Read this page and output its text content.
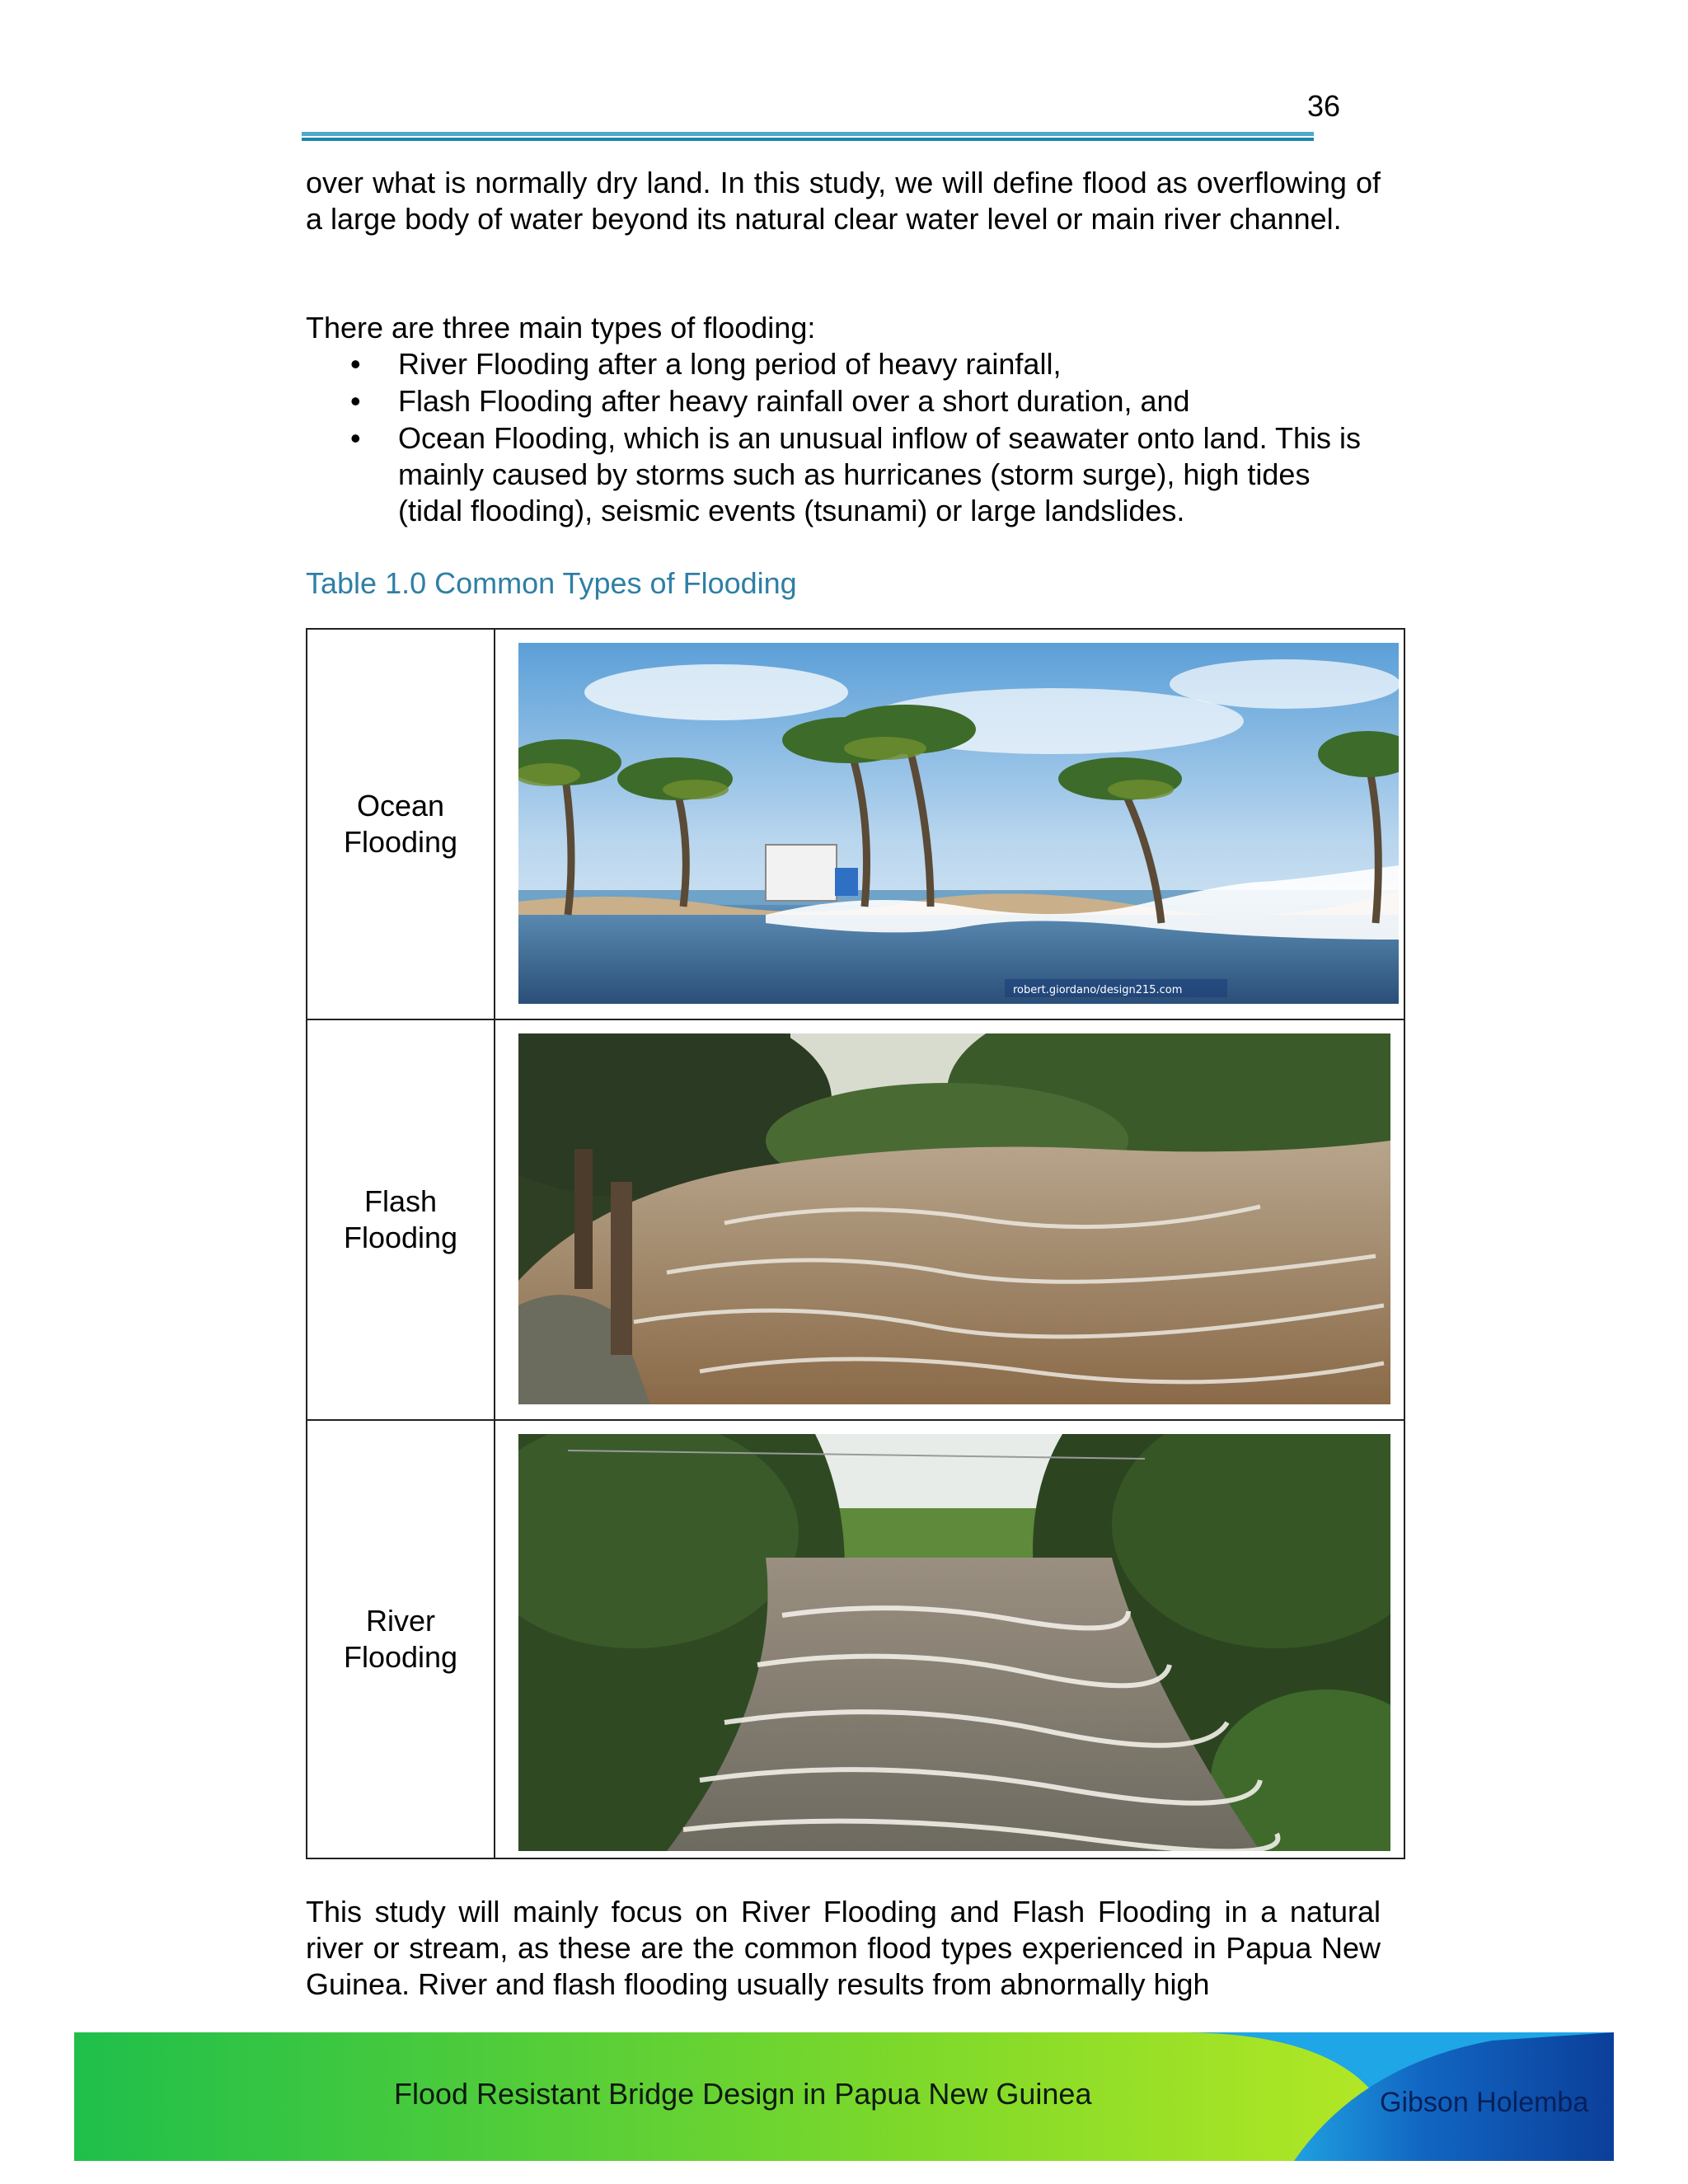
36

over what is normally dry land. In this study, we will define flood as overflowing of a large body of water beyond its natural clear water level or main river channel.

There are three main types of flooding:

• River Flooding after a long period of heavy rainfall,
• Flash Flooding after heavy rainfall over a short duration, and
• Ocean Flooding, which is an unusual inflow of seawater onto land. This is mainly caused by storms such as hurricanes (storm surge), high tides (tidal flooding), seismic events (tsunami) or large landslides.
Table 1.0 Common Types of Flooding
Ocean Flooding
robert.giordano/design215.com
Flash Flooding
River Flooding

This study will mainly focus on River Flooding and Flash Flooding in a natural river or stream, as these are the common flood types experienced in Papua New Guinea. River and flash flooding usually results from abnormally high

Flood Resistant Bridge Design in Papua New Guinea	Gibson Holemba
